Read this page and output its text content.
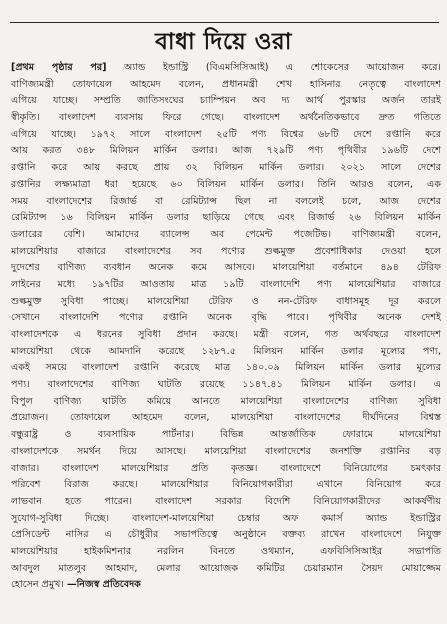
বাধা দিয়ে ওরা
[প্রথম পৃষ্ঠার পর] অ্যান্ড ইন্ডাস্ট্রি (বিএমসিসিআই) এ শোকেসের আয়োজন করে।
বাণিজ্যমন্ত্রী তোফায়েল আহমেদ বলেন, প্রধানমন্ত্রী শেখ হাসিনার নেতৃত্বে বাংলাদেশ
এগিয়ে যাচ্ছে। সম্প্রতি জাতিসংঘের চ্যাম্পিয়ন অব দ্য আর্থ পুরস্কার অর্জন তারই
স্বীকৃতি। বাংলাদেশ ব্যবসায় ফিরে গেছে। বাংলাদেশ অর্থনৈতিকভাবে দ্রুত গতিতে
এগিয়ে যাচ্ছে। ১৯৭২ সালে বাংলাদেশ ২৫টি পণ্য বিশ্বের ৬৮টি দেশে রপ্তানি করে
আয় করত ৩৪৮ মিলিয়ন মার্কিন ডলার। আজ ৭২৯টি পণ্য পৃথিবীর ১৯৬টি দেশে
রপ্তানি করে আয় করছে প্রায় ৩২ বিলিয়ন মার্কিন ডলার। ২০২১ সালে দেশের
রপ্তানির লক্ষ্যমাত্রা ধরা হয়েছে ৬০ বিলিয়ন মার্কিন ডলার। তিনি আরও বলেন, এক
সময় বাংলাদেশের রিজার্ভ বা রেমিট্যান্স ছিল না বললেই চলে, আজ দেশের
রেমিট্যান্স ১৬ বিলিয়ন মার্কিন ডলার ছাড়িয়ে গেছে এবং রিজার্ভ ২৬ বিলিয়ন মার্কিন
ডলারের বেশি। আমাদের ব্যালেন্স অব পেমেন্ট পজেটিভ। বাণিজ্যমন্ত্রী বলেন,
মালয়েশিয়ার বাজারে বাংলাদেশের সব পণ্যের শুল্কমুক্ত প্রবেশাধিকার দেওয়া হলে
দুদেশের বাণিজ্য ব্যবধান অনেক কমে আসবে। মালয়েশিয়া বর্তমানে ৪৯৪ টেরিফ
লাইনের মধ্যে ১৯৭টির আওতায় মাত্র ১৯টি বাংলাদেশি পণ্য মালয়েশিয়ার বাজারে
শুল্কমুক্ত সুবিধা পাচ্ছে। মালয়েশিয়া টেরিফ ও নন-টেরিফ বাধাসমূহ দূর করলে
সেখানে বাংলাদেশি পণ্যের রপ্তানি অনেক বৃদ্ধি পাবে। পৃথিবীর অনেক দেশই
বাংলাদেশকে এ ধরনের সুবিধা প্রদান করছে। মন্ত্রী বলেন, গত অর্থবছরে বাংলাদেশ
মালয়েশিয়া থেকে আমদানি করেছে ১২৮৭.৫ মিলিয়ন মার্কিন ডলার মূল্যের পণ্য,
একই সময়ে বাংলাদেশ রপ্তানি করেছে মাত্র ১৪০.০৯ মিলিয়ন মার্কিন ডলার মূল্যের
পণ্য। বাংলাদেশের বাণিজ্য ঘাটতি রয়েছে ১১৪৭.৪১ মিলিয়ন মার্কিন ডলার। এ
বিপুল বাণিজ্য ঘাটতি কমিয়ে আনতে মালয়েশিয়া বাংলাদেশের বাণিজ্য সুবিধা
প্রয়োজন। তোফায়েল আহমেদ বলেন, মালয়েশিয়া বাংলাদেশের দীর্ঘদিনের বিশ্বস্ত
বন্ধুরাষ্ট্র ও ব্যবসায়িক পার্টনার। বিভিন্ন আন্তর্জাতিক ফোরামে মালয়েশিয়া
বাংলাদেশকে সমর্থন দিয়ে আসছে। মালয়েশিয়া বাংলাদেশের জনশক্তি রপ্তানির বড়
বাজার। বাংলাদেশ মালয়েশিয়ার প্রতি কৃতজ্ঞ। বাংলাদেশে বিনিয়োগের চমৎকার
পরিবেশ বিরাজ করছে। মালয়েশিয়ার বিনিয়োগকারীরা এখানে বিনিয়োগ করে
লাভবান হতে পারেন। বাংলাদেশ সরকার বিদেশি বিনিয়োগকারীদের আকর্ষণীয়
সুযোগ-সুবিধা দিচ্ছে। বাংলাদেশ-মালয়েশিয়া চেম্বার অফ কমার্স অ্যান্ড ইন্ডাস্ট্রির
প্রেসিডেন্ট নাসির এ চৌধুরীর সভাপতিত্বে অনুষ্ঠানে বক্তব্য রাখেন বাংলাদেশে নিযুক্ত
মালয়েশিয়ার হাইকমিশনার নরলিন বিনতে ওথম্যান, এফবিসিসিআইর সভাপতি
আবদুল মাতলুব আহমাদ, মেলার আয়োজক কমিটির চেয়ারম্যান সৈয়দ মোয়াজ্জেম
হোসেন প্রমুখ। —নিজস্ব প্রতিবেদক
